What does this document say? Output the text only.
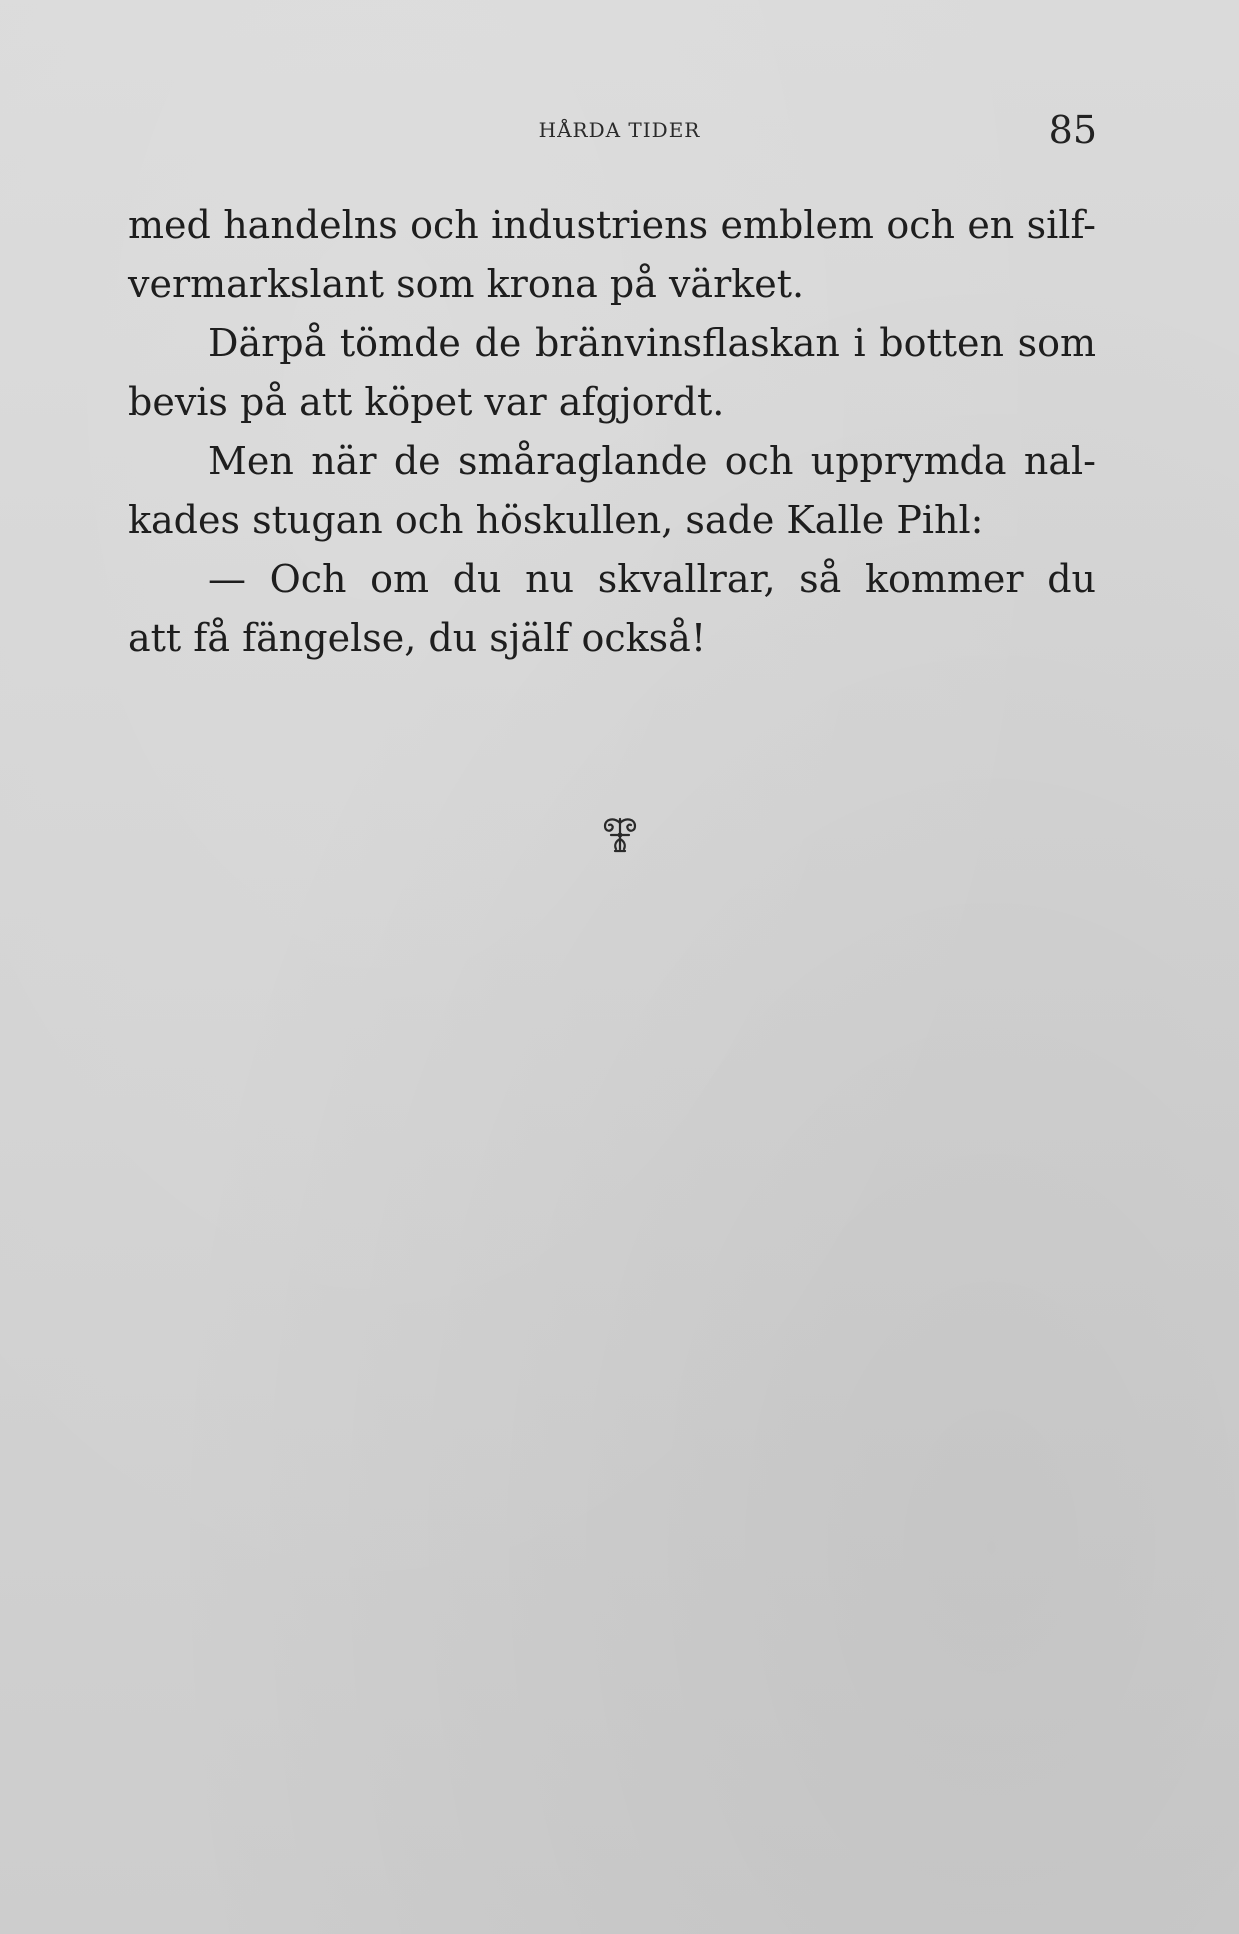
HÅRDA TIDER	85
med handelns och industriens emblem och en silf-
vermarkslant som krona på värket.
Därpå tömde de bränvinsflaskan i botten som
bevis på att köpet var afgjordt.
Men när de småraglande och upprymda nal-
kades stugan och höskullen, sade Kalle Pihl:
— Och om du nu skvallrar, så kommer du
att få fängelse, du själf också!
